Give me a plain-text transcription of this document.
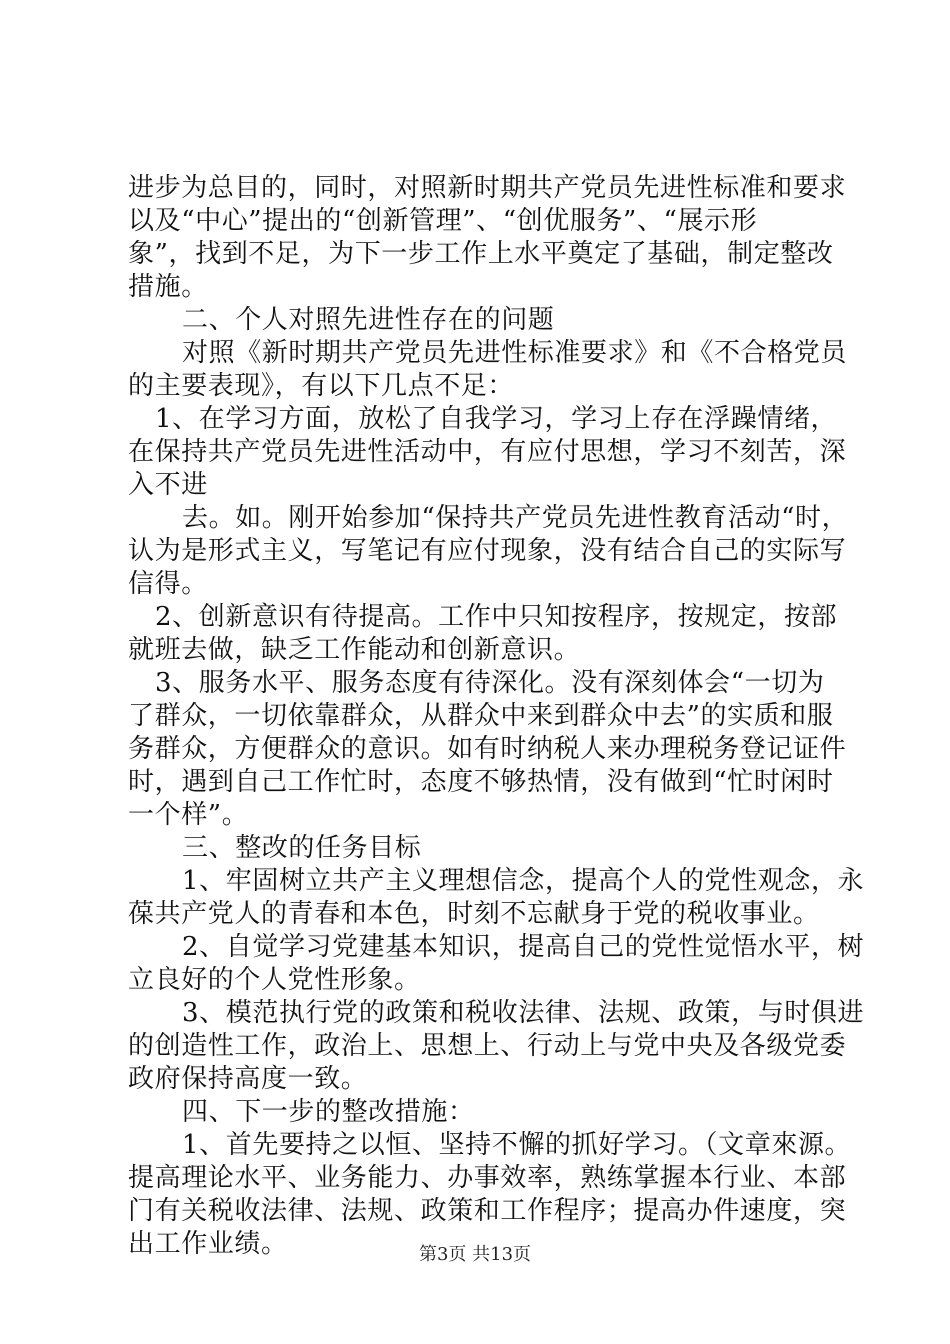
进步为总目的，同时，对照新时期共产党员先进性标准和要求

以及“中心”提出的“创新管理”、“创优服务”、“展示形

象”，找到不足，为下一步工作上水平奠定了基础，制定整改

措施。

二、个人对照先进性存在的问题

对照《新时期共产党员先进性标准要求》和《不合格党员

的主要表现》，有以下几点不足：

1、在学习方面，放松了自我学习，学习上存在浮躁情绪，

在保持共产党员先进性活动中，有应付思想，学习不刻苦，深

入不进

去。如。刚开始参加“保持共产党员先进性教育活动“时，

认为是形式主义，写笔记有应付现象，没有结合自己的实际写

信得。

2、创新意识有待提高。工作中只知按程序，按规定，按部

就班去做，缺乏工作能动和创新意识。

3、服务水平、服务态度有待深化。没有深刻体会“一切为

了群众，一切依靠群众，从群众中来到群众中去”的实质和服

务群众，方便群众的意识。如有时纳税人来办理税务登记证件

时，遇到自己工作忙时，态度不够热情，没有做到“忙时闲时

一个样”。

三、整改的任务目标

1、牢固树立共产主义理想信念，提高个人的党性观念，永

葆共产党人的青春和本色，时刻不忘献身于党的税收事业。

2、自觉学习党建基本知识，提高自己的党性觉悟水平，树

立良好的个人党性形象。

3、模范执行党的政策和税收法律、法规、政策，与时俱进

的创造性工作，政治上、思想上、行动上与党中央及各级党委

政府保持高度一致。

四、下一步的整改措施：

1、首先要持之以恒、坚持不懈的抓好学习。（文章來源。

提高理论水平、业务能力、办事效率，熟练掌握本行业、本部

门有关税收法律、法规、政策和工作程序；提高办件速度，突

出工作业绩。	第3页 共13页
